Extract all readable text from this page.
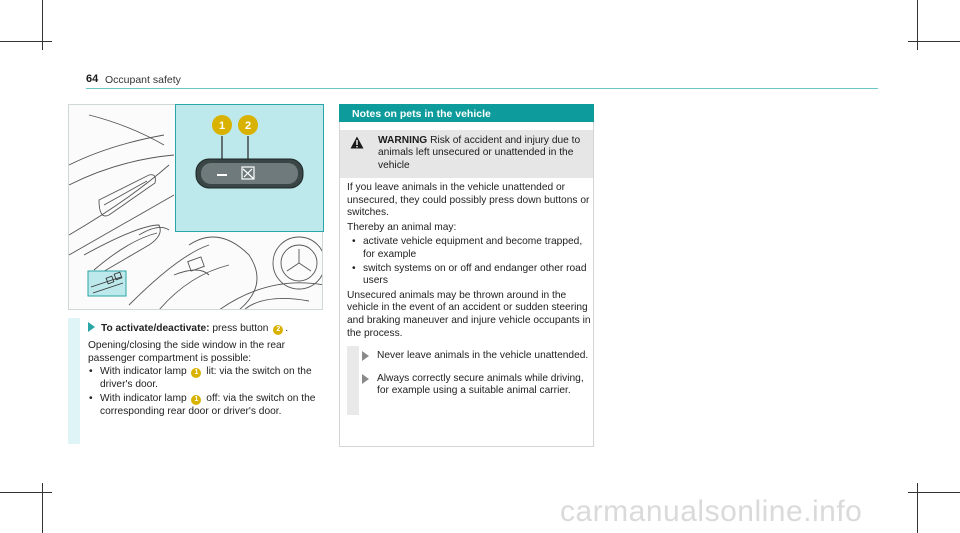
64 Occupant safety
1 2
To activate/deactivate: press button 2 .
Opening/closing the side window in the rear passenger compartment is possible:
• With indicator lamp 1 lit: via the switch on the driver's door.
• With indicator lamp 1 off: via the switch on the corresponding rear door or driver's door.
Notes on pets in the vehicle
WARNING Risk of accident and injury due to animals left unsecured or unattended in the vehicle

If you leave animals in the vehicle unattended or unsecured, they could possibly press down buttons or switches.

Thereby an animal may:

• activate vehicle equipment and become trapped, for example
• switch systems on or off and endanger other road users

Unsecured animals may be thrown around in the vehicle in the event of an accident or sudden steering and braking maneuver and injure vehicle occupants in the process.

Never leave animals in the vehicle unattended.
Always correctly secure animals while driving, for example using a suitable animal carrier.
carmanualsonline.info
